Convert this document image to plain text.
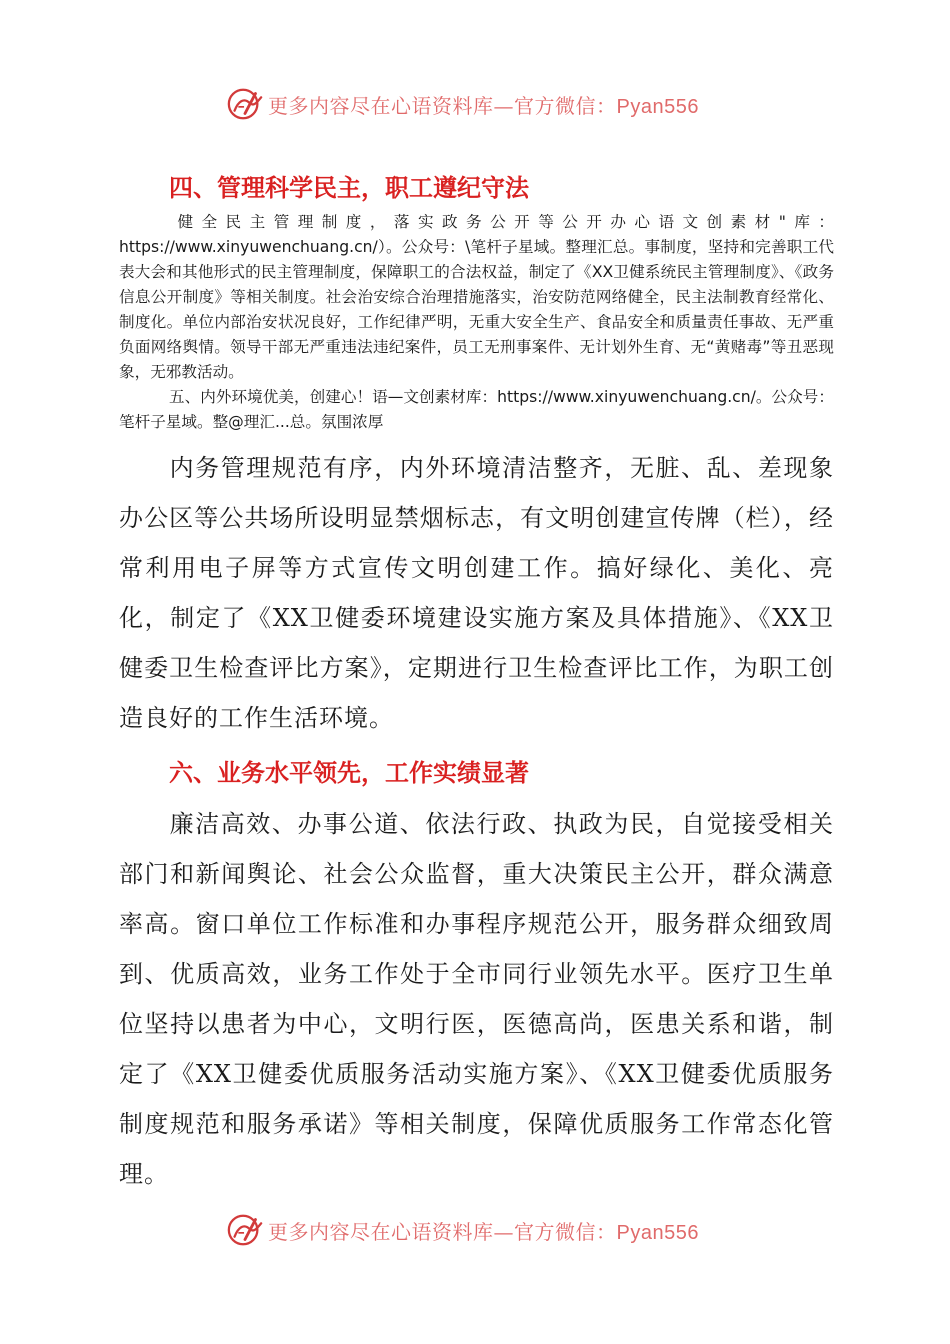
更多内容尽在心语资料库—官方微信：Pyan556
四、管理科学民主，职工遵纪守法

健全民主管理制度，落实政务公开等公开办心语文创素材"库：https://www.xinyuwenchuang.cn/）。公众号：\笔杆子星域。整理汇总。事制度，坚持和完善职工代表大会和其他形式的民主管理制度，保障职工的合法权益，制定了《XX卫健系统民主管理制度》、《政务信息公开制度》等相关制度。社会治安综合治理措施落实，治安防范网络健全，民主法制教育经常化、制度化。单位内部治安状况良好，工作纪律严明，无重大安全生产、食品安全和质量责任事故、无严重负面网络舆情。领导干部无严重违法违纪案件，员工无刑事案件、无计划外生育、无“黄赌毒”等丑恶现象，无邪教活动。

五、内外环境优美，创建心！语—文创素材库：https://www.xinyuwenchuang.cn/。公众号：笔杆子星域。整@理汇...总。氛围浓厚

内务管理规范有序，内外环境清洁整齐，无脏、乱、差现象办公区等公共场所设明显禁烟标志，有文明创建宣传牌（栏），经常利用电子屏等方式宣传文明创建工作。搞好绿化、美化、亮化，制定了《XX卫健委环境建设实施方案及具体措施》、《XX卫健委卫生检查评比方案》，定期进行卫生检查评比工作，为职工创造良好的工作生活环境。

六、业务水平领先，工作实绩显著

廉洁高效、办事公道、依法行政、执政为民，自觉接受相关部门和新闻舆论、社会公众监督，重大决策民主公开，群众满意率高。窗口单位工作标准和办事程序规范公开，服务群众细致周到、优质高效，业务工作处于全市同行业领先水平。医疗卫生单位坚持以患者为中心，文明行医，医德高尚，医患关系和谐，制定了《XX卫健委优质服务活动实施方案》、《XX卫健委优质服务制度规范和服务承诺》等相关制度，保障优质服务工作常态化管理。

更多内容尽在心语资料库—官方微信：Pyan556
